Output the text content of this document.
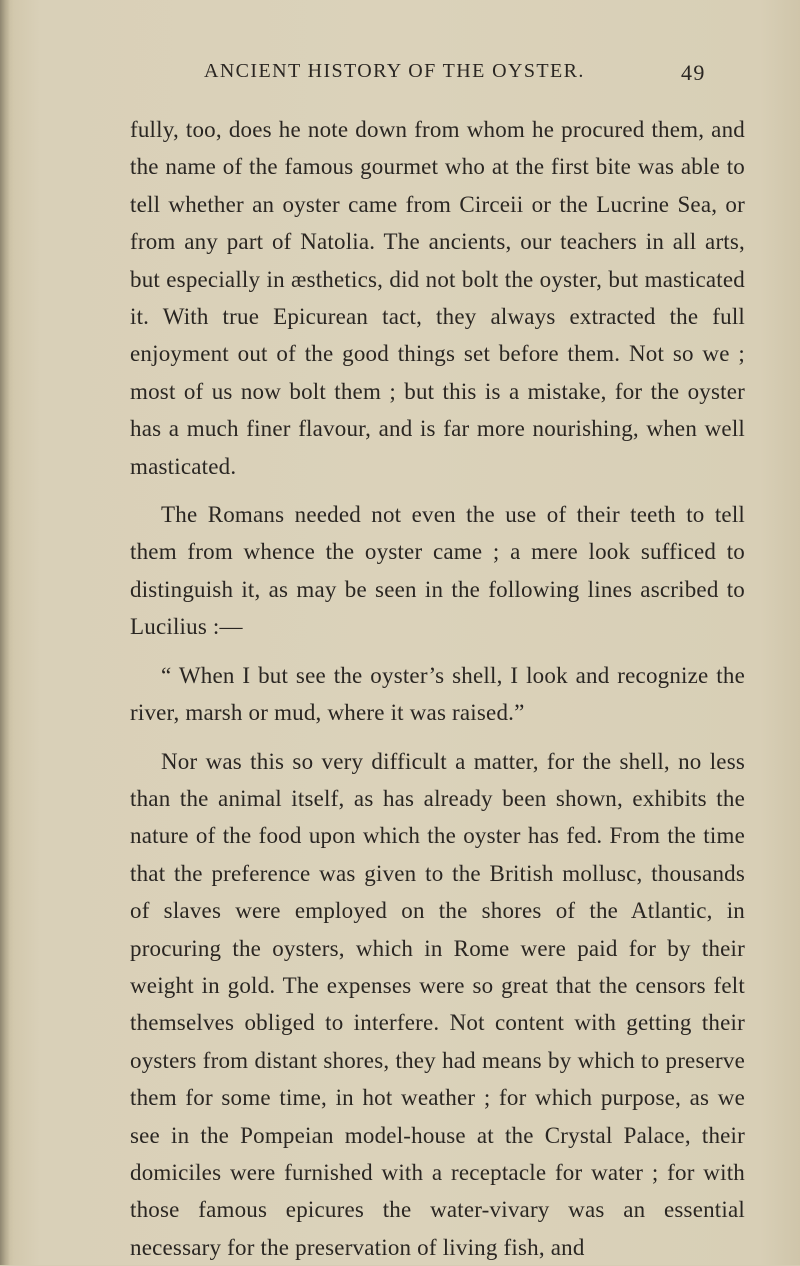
ANCIENT HISTORY OF THE OYSTER.	49

fully, too, does he note down from whom he procured them, and the name of the famous gourmet who at the first bite was able to tell whether an oyster came from Circeii or the Lucrine Sea, or from any part of Natolia. The ancients, our teachers in all arts, but especially in æsthetics, did not bolt the oyster, but masticated it. With true Epicurean tact, they always extracted the full enjoyment out of the good things set before them. Not so we ; most of us now bolt them ; but this is a mistake, for the oyster has a much finer flavour, and is far more nourishing, when well masticated.

The Romans needed not even the use of their teeth to tell them from whence the oyster came ; a mere look sufficed to distinguish it, as may be seen in the following lines ascribed to Lucilius :—

“ When I but see the oyster’s shell, I look and recognize the river, marsh or mud, where it was raised.”

Nor was this so very difficult a matter, for the shell, no less than the animal itself, as has already been shown, exhibits the nature of the food upon which the oyster has fed. From the time that the preference was given to the British mollusc, thousands of slaves were employed on the shores of the Atlantic, in procuring the oysters, which in Rome were paid for by their weight in gold. The expenses were so great that the censors felt themselves obliged to interfere. Not content with getting their oysters from distant shores, they had means by which to preserve them for some time, in hot weather ; for which purpose, as we see in the Pompeian model-house at the Crystal Palace, their domiciles were furnished with a receptacle for water ; for with those famous epicures the water-vivary was an essential necessary for the preservation of living fish, and
